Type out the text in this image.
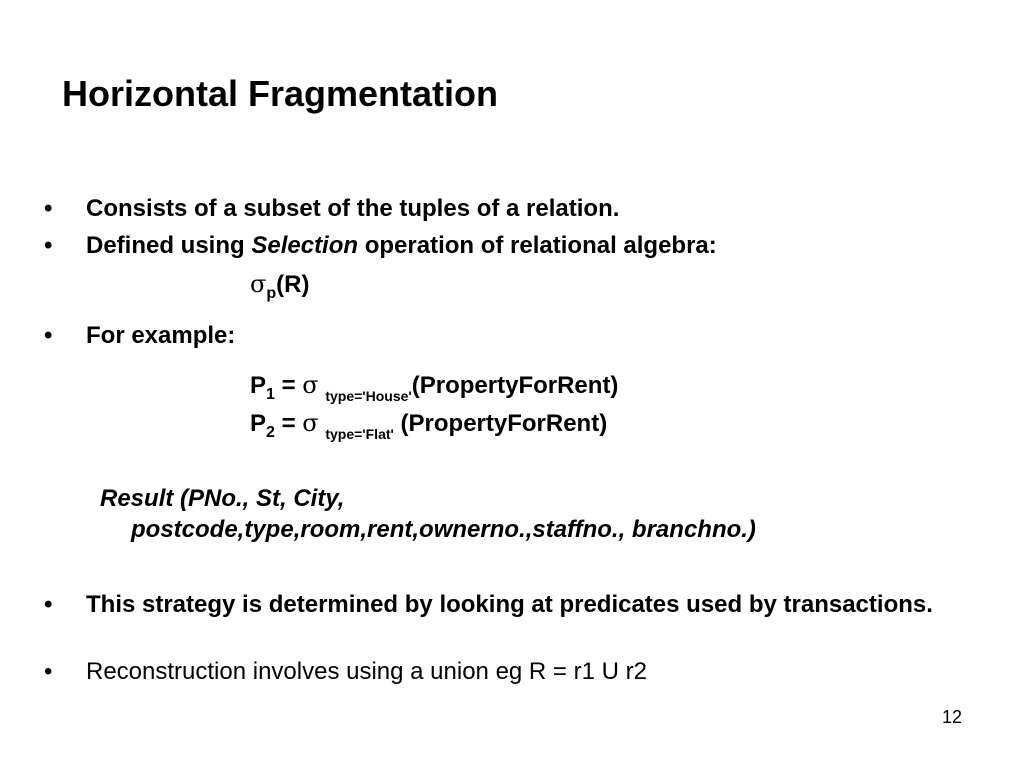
Horizontal Fragmentation
• Consists of a subset of the tuples of a relation.
• Defined using Selection operation of relational algebra:
$\sigma_p(R)$
• For example:
$P_1 = \sigma$ $_{type='House'}$(PropertyForRent)
$P_2 = \sigma$ $_{type='Flat'}$ (PropertyForRent)
Result (PNo., St, City,
postcode,type,room,rent,ownerno.,staffno., branchno.)
• This strategy is determined by looking at predicates used by transactions.
• Reconstruction involves using a union eg R = r1 U r2
12
